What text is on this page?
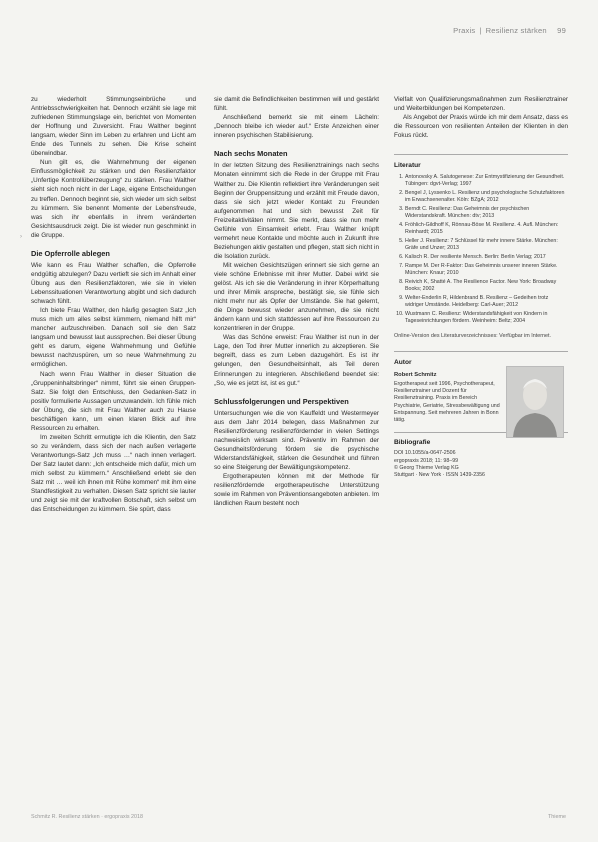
Praxis | Resilienz stärken 99
›

zu wiederholt Stimmungseinbrüche und Antriebsschwierigkeiten hat. Dennoch erzählt sie lage mit zufriedenen Stimmungslage ein, berichtet von Momenten der Hoffnung und Zuversicht. Frau Walther beginnt langsam, wieder Sinn im Leben zu erfahren und Licht am Ende des Tunnels zu sehen. Die Krise scheint überwindbar.

Nun gilt es, die Wahrnehmung der eigenen Einflussmöglichkeit zu stärken und den Resilienzfaktor „Unfertige Kontrollüberzeugung“ zu stärken. Frau Walther sieht sich noch nicht in der Lage, eigene Entscheidungen zu treffen. Dennoch beginnt sie, sich wieder um sich selbst zu kümmern. Sie benennt Momente der Lebensfreude, was sich ihr ebenfalls in ihrem veränderten Gesichtsausdruck zeigt. Die ist wieder nun geschminkt in die Gruppe.

Die Opferrolle ablegen

Wie kann es Frau Walther schaffen, die Opferrolle endgültig abzulegen? Dazu vertieft sie sich im Anhalt einer Übung aus den Resilienzfaktoren, wie sie in vielen Lebenssituationen Verantwortung abgibt und sich dadurch schwach fühlt.

Ich biete Frau Walther, den häufig gesagten Satz „Ich muss mich um alles selbst kümmern, niemand hilft mir“ mancher aufzuschreiben. Danach soll sie den Satz langsam und bewusst laut aussprechen. Bei dieser Übung geht es darum, eigene Wahrnehmung und Gefühle bewusst nachzuspüren, um so neue Wahrnehmung zu ermöglichen.

Nach wenn Frau Walther in dieser Situation die „Gruppeninhaltsbringer“ nimmt, führt sie einen Gruppen-Satz. Sie folgt den Entschluss, den Gedanken-Satz in positiv formulierte Aussagen umzuwandeln. Ich fühle mich der Übung, die sich mit Frau Walther auch zu Hause beschäftigen kann, um einen klaren Blick auf ihre Ressourcen zu erhalten.

Im zweiten Schritt ermutigte ich die Klientin, den Satz so zu verändern, dass sich der nach außen verlagerte Verantwortungs-Satz „Ich muss …“ nach innen verlagert. Der Satz lautet dann: „Ich entscheide mich dafür, mich um mich selbst zu kümmern.“ Anschließend erlebt sie den Satz mit … weil ich ihnen mit Rühe kommen“ mit ihm eine Standfestigkeit zu verhalten. Diesen Satz spricht sie lauter und zeigt sie mit der kraftvollen Botschaft, sich selbst um das Entscheidungen zu kümmern. Sie spürt, dass

sie damit die Befindlichkeiten bestimmen will und gestärkt fühlt.

Anschließend bemerkt sie mit einem Lächeln: „Dennoch bleibe ich wieder auf.“ Erste Anzeichen einer inneren psychischen Stabilisierung.

Nach sechs Monaten

In der letzten Sitzung des Resilienztrainings nach sechs Monaten einnimmt sich die Rede in der Gruppe mit Frau Walther zu. Die Klientin reflektiert ihre Veränderungen seit Beginn der Gruppensitzung und erzählt mit Freude davon, dass sie sich jetzt wieder Kontakt zu Freunden aufgenommen hat und sich bewusst Zeit für Freizeitaktivitäten nimmt. Sie merkt, dass sie nun mehr Gefühle von Einsamkeit erlebt. Frau Walther knüpft vermehrt neue Kontakte und möchte auch in Zukunft ihre Beziehungen aktiv gestalten und pflegen, statt sich nicht in die Isolation zurück.

Mit weichen Gesichtszügen erinnert sie sich gerne an viele schöne Erlebnisse mit ihrer Mutter. Dabei wirkt sie gelöst. Als ich sie die Veränderung in ihrer Körperhaltung und ihrer Mimik anspreche, bestätigt sie, sie fühle sich nicht mehr nur als Opfer der Umstände. Sie hat gelernt, die Dinge bewusst wieder anzunehmen, die sie nicht ändern kann und sich stattdessen auf ihre Ressourcen zu konzentrieren in der Gruppe.

Was das Schöne erweist: Frau Walther ist nun in der Lage, den Tod ihrer Mutter innerlich zu akzeptieren. Sie begreift, dass es zum Leben dazugehört. Es ist ihr gelungen, den Gesundheitsinhalt, als Teil deren Erinnerungen zu integrieren. Abschließend beendet sie: „So, wie es jetzt ist, ist es gut.“

Schlussfolgerungen und Perspektiven

Untersuchungen wie die von Kauffeldt und Westermeyer aus dem Jahr 2014 belegen, dass Maßnahmen zur Resilienzförderung resilienzfördernder in vielen Settings nachweislich wirksam sind. Präventiv im Rahmen der Gesundheitsförderung fördern sie die psychische Widerstandsfähigkeit, stärken die Gesundheit und führen so eine Steigerung der Bewältigungskompetenz.

Ergotherapeuten können mit der Methode für resilienzfördernde ergotherapeutische Unterstützung sowie im Rahmen von Präventionsangeboten anbieten. Im ländlichen Raum besteht noch

Vielfalt von Qualifizierungsmaßnahmen zum Resilienztrainer und Weiterbildungen bei Kompetenzen.

Als Angebot der Praxis würde ich mir dem Ansatz, dass es die Ressourcen von resilienten Anteilen der Klienten in den Fokus rückt.

Literatur
1. Antonovsky A. Salutogenese: Zur Entmystifizierung der Gesundheit. Tübingen: dgvt-Verlag; 1997
2. Bengel J, Lyssenko L. Resilienz und psychologische Schutzfaktoren im Erwachsenenalter. Köln: BZgA; 2012
3. Berndt C. Resilienz: Das Geheimnis der psychischen Widerstandskraft. München: dtv; 2013
4. Fröhlich-Gildhoff K, Rönnau-Böse M. Resilienz. 4. Aufl. München: Reinhardt; 2015
5. Heller J. Resilienz: 7 Schlüssel für mehr innere Stärke. München: Gräfe und Unzer; 2013
6. Kalisch R. Der resiliente Mensch. Berlin: Berlin Verlag; 2017
7. Rampe M. Der R-Faktor: Das Geheimnis unserer inneren Stärke. München: Knaur; 2010
8. Reivich K, Shatté A. The Resilience Factor. New York: Broadway Books; 2002
9. Welter-Enderlin R, Hildenbrand B. Resilienz – Gedeihen trotz widriger Umstände. Heidelberg: Carl-Auer; 2012
10. Wustmann C. Resilienz: Widerstandsfähigkeit von Kindern in Tageseinrichtungen fördern. Weinheim: Beltz; 2004
Online-Version des Literaturverzeichnisses: Verfügbar im Internet.
Autor
Robert Schmitz
Ergotherapeut seit 1996, Psychotherapeut, Resilienztrainer und Dozent für Resilienztraining. Praxis im Bereich Psychiatrie, Geriatrie, Stressbewältigung und Entspannung. Seit mehreren Jahren in Bonn tätig.
Bibliografie
DOI 10.1055/a-0647-2506
ergopraxis 2018; 11: 98–99
© Georg Thieme Verlag KG
Stuttgart · New York · ISSN 1439-2356
Schmitz R. Resilienz stärken · ergopraxis 2018	Thieme
